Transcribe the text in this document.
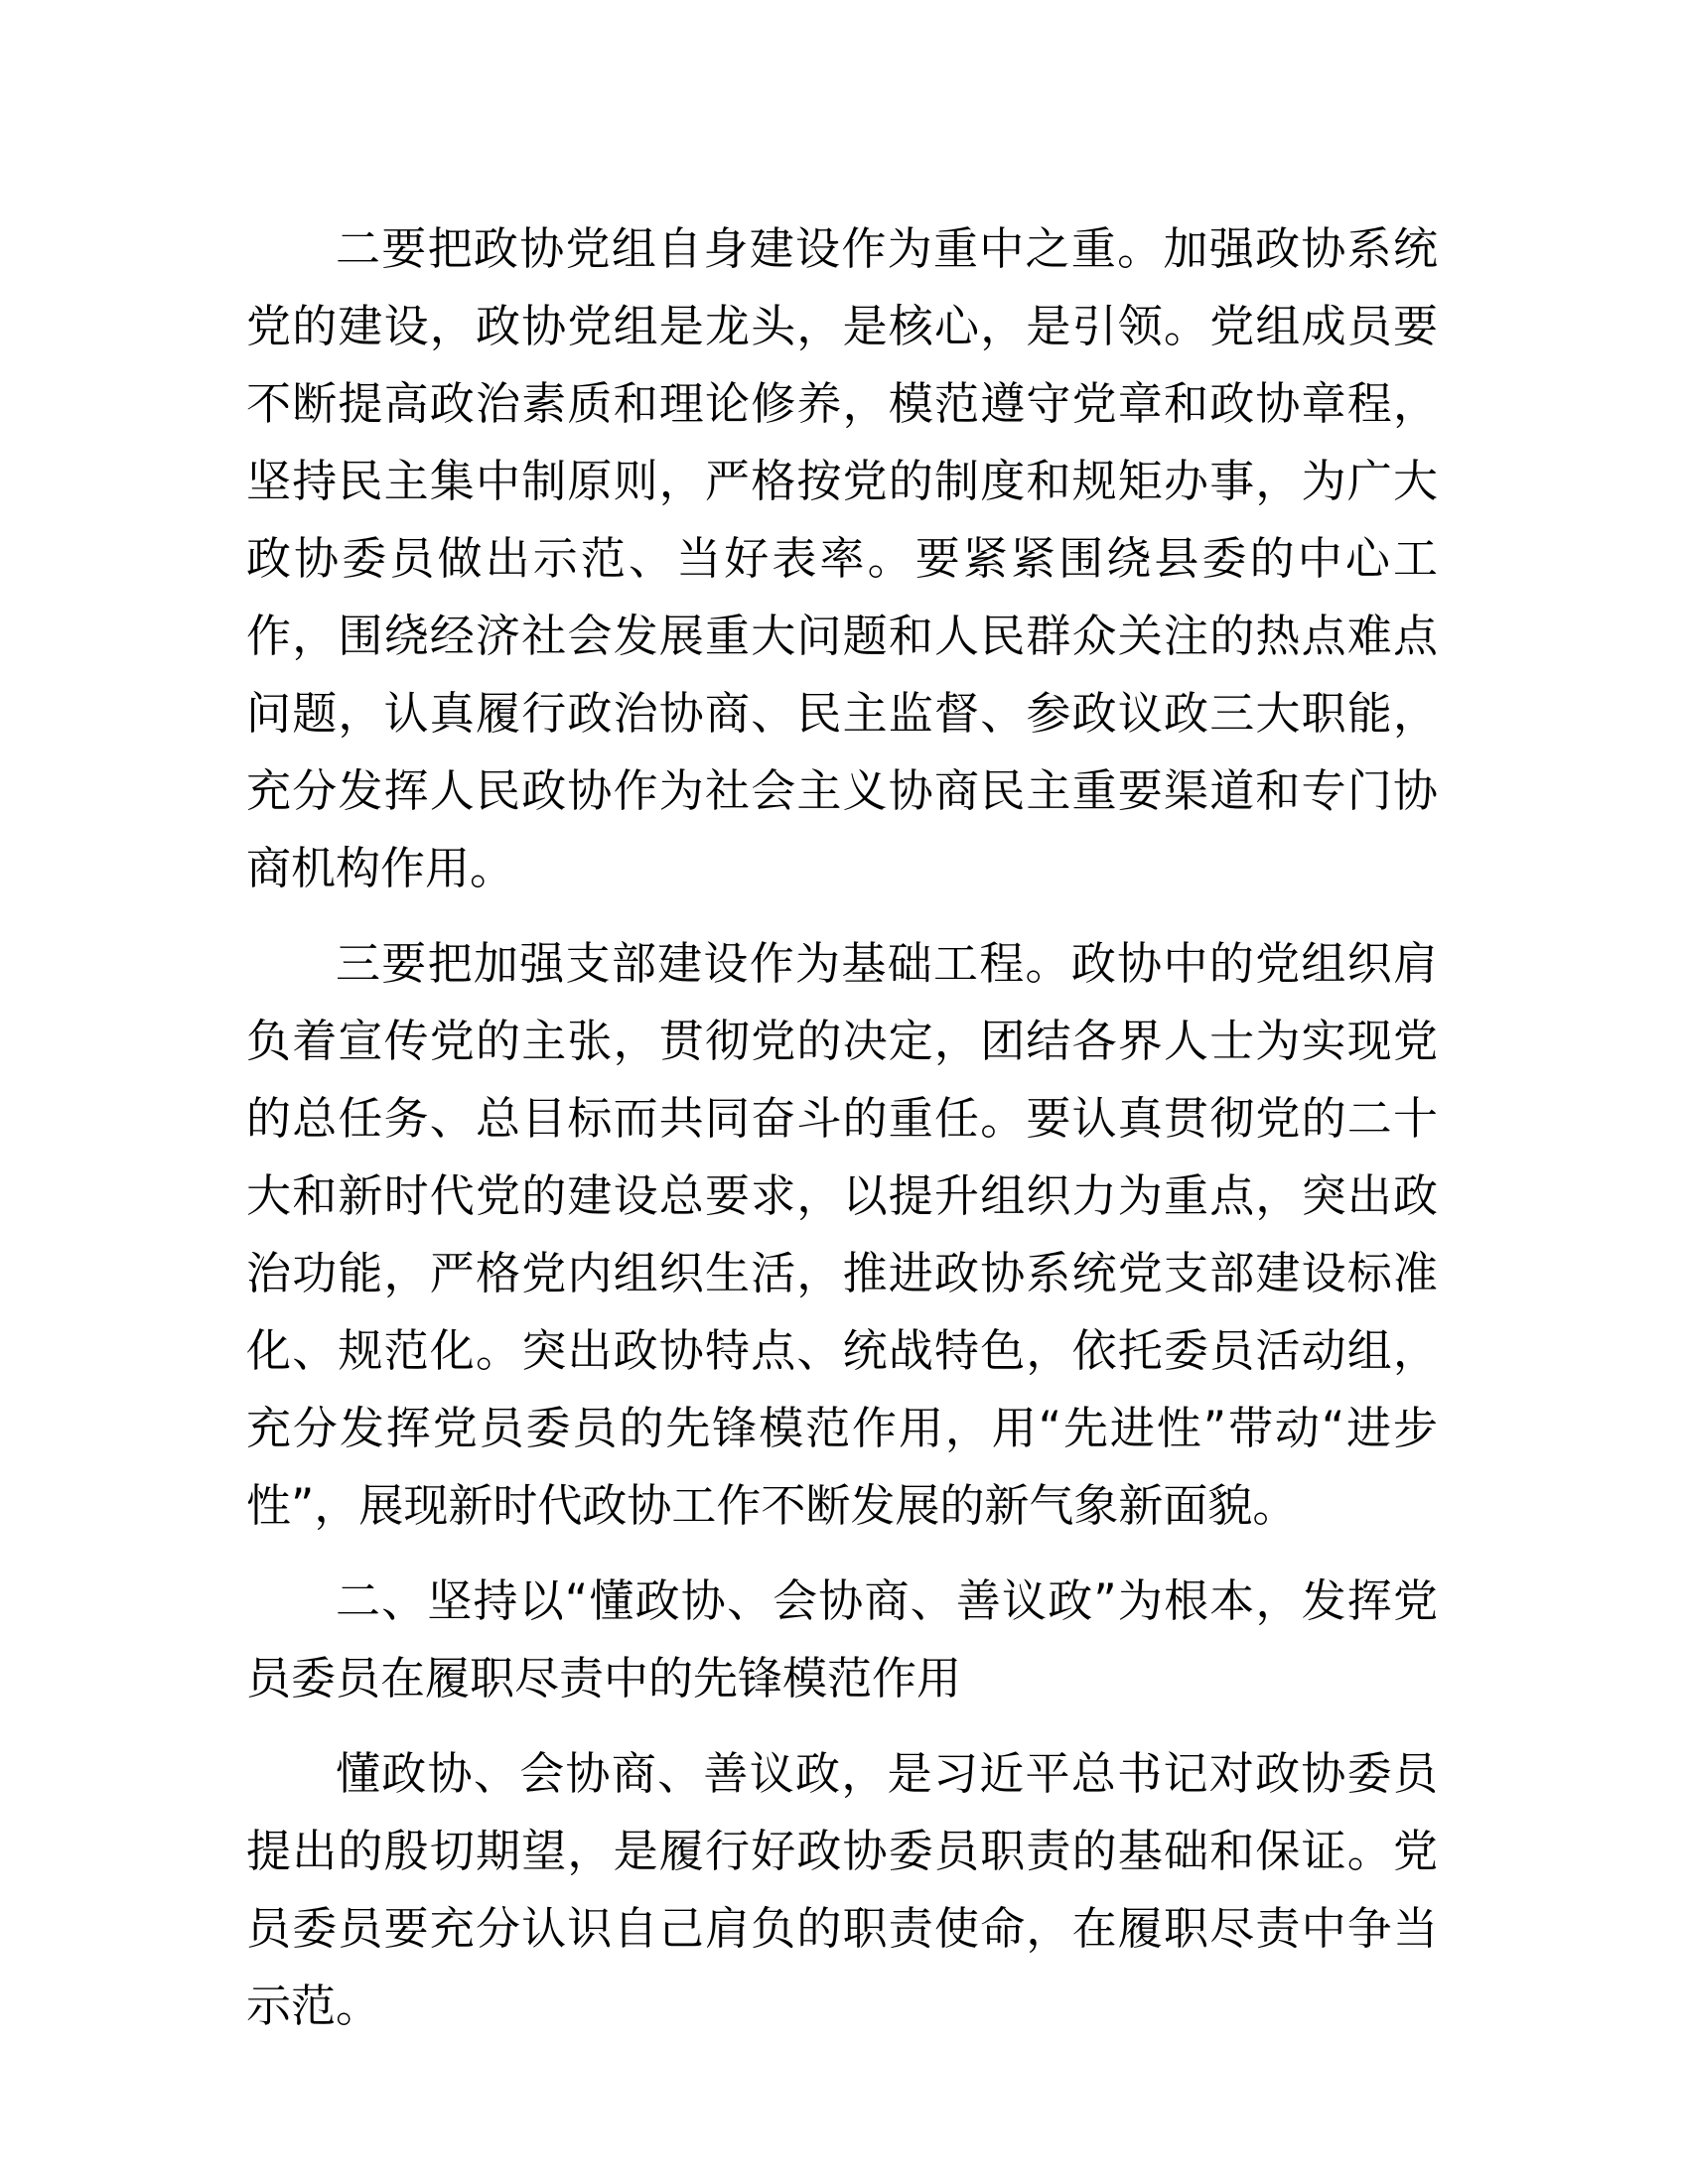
二要把政协党组自身建设作为重中之重。加强政协系统党的建设，政协党组是龙头，是核心，是引领。党组成员要不断提高政治素质和理论修养，模范遵守党章和政协章程，坚持民主集中制原则，严格按党的制度和规矩办事，为广大政协委员做出示范、当好表率。要紧紧围绕县委的中心工作，围绕经济社会发展重大问题和人民群众关注的热点难点问题，认真履行政治协商、民主监督、参政议政三大职能，充分发挥人民政协作为社会主义协商民主重要渠道和专门协商机构作用。

三要把加强支部建设作为基础工程。政协中的党组织肩负着宣传党的主张，贯彻党的决定，团结各界人士为实现党的总任务、总目标而共同奋斗的重任。要认真贯彻党的二十大和新时代党的建设总要求，以提升组织力为重点，突出政治功能，严格党内组织生活，推进政协系统党支部建设标准化、规范化。突出政协特点、统战特色，依托委员活动组，充分发挥党员委员的先锋模范作用，用“先进性”带动“进步性”，展现新时代政协工作不断发展的新气象新面貌。

二、坚持以“懂政协、会协商、善议政”为根本，发挥党员委员在履职尽责中的先锋模范作用

懂政协、会协商、善议政，是习近平总书记对政协委员提出的殷切期望，是履行好政协委员职责的基础和保证。党员委员要充分认识自己肩负的职责使命，在履职尽责中争当示范。
